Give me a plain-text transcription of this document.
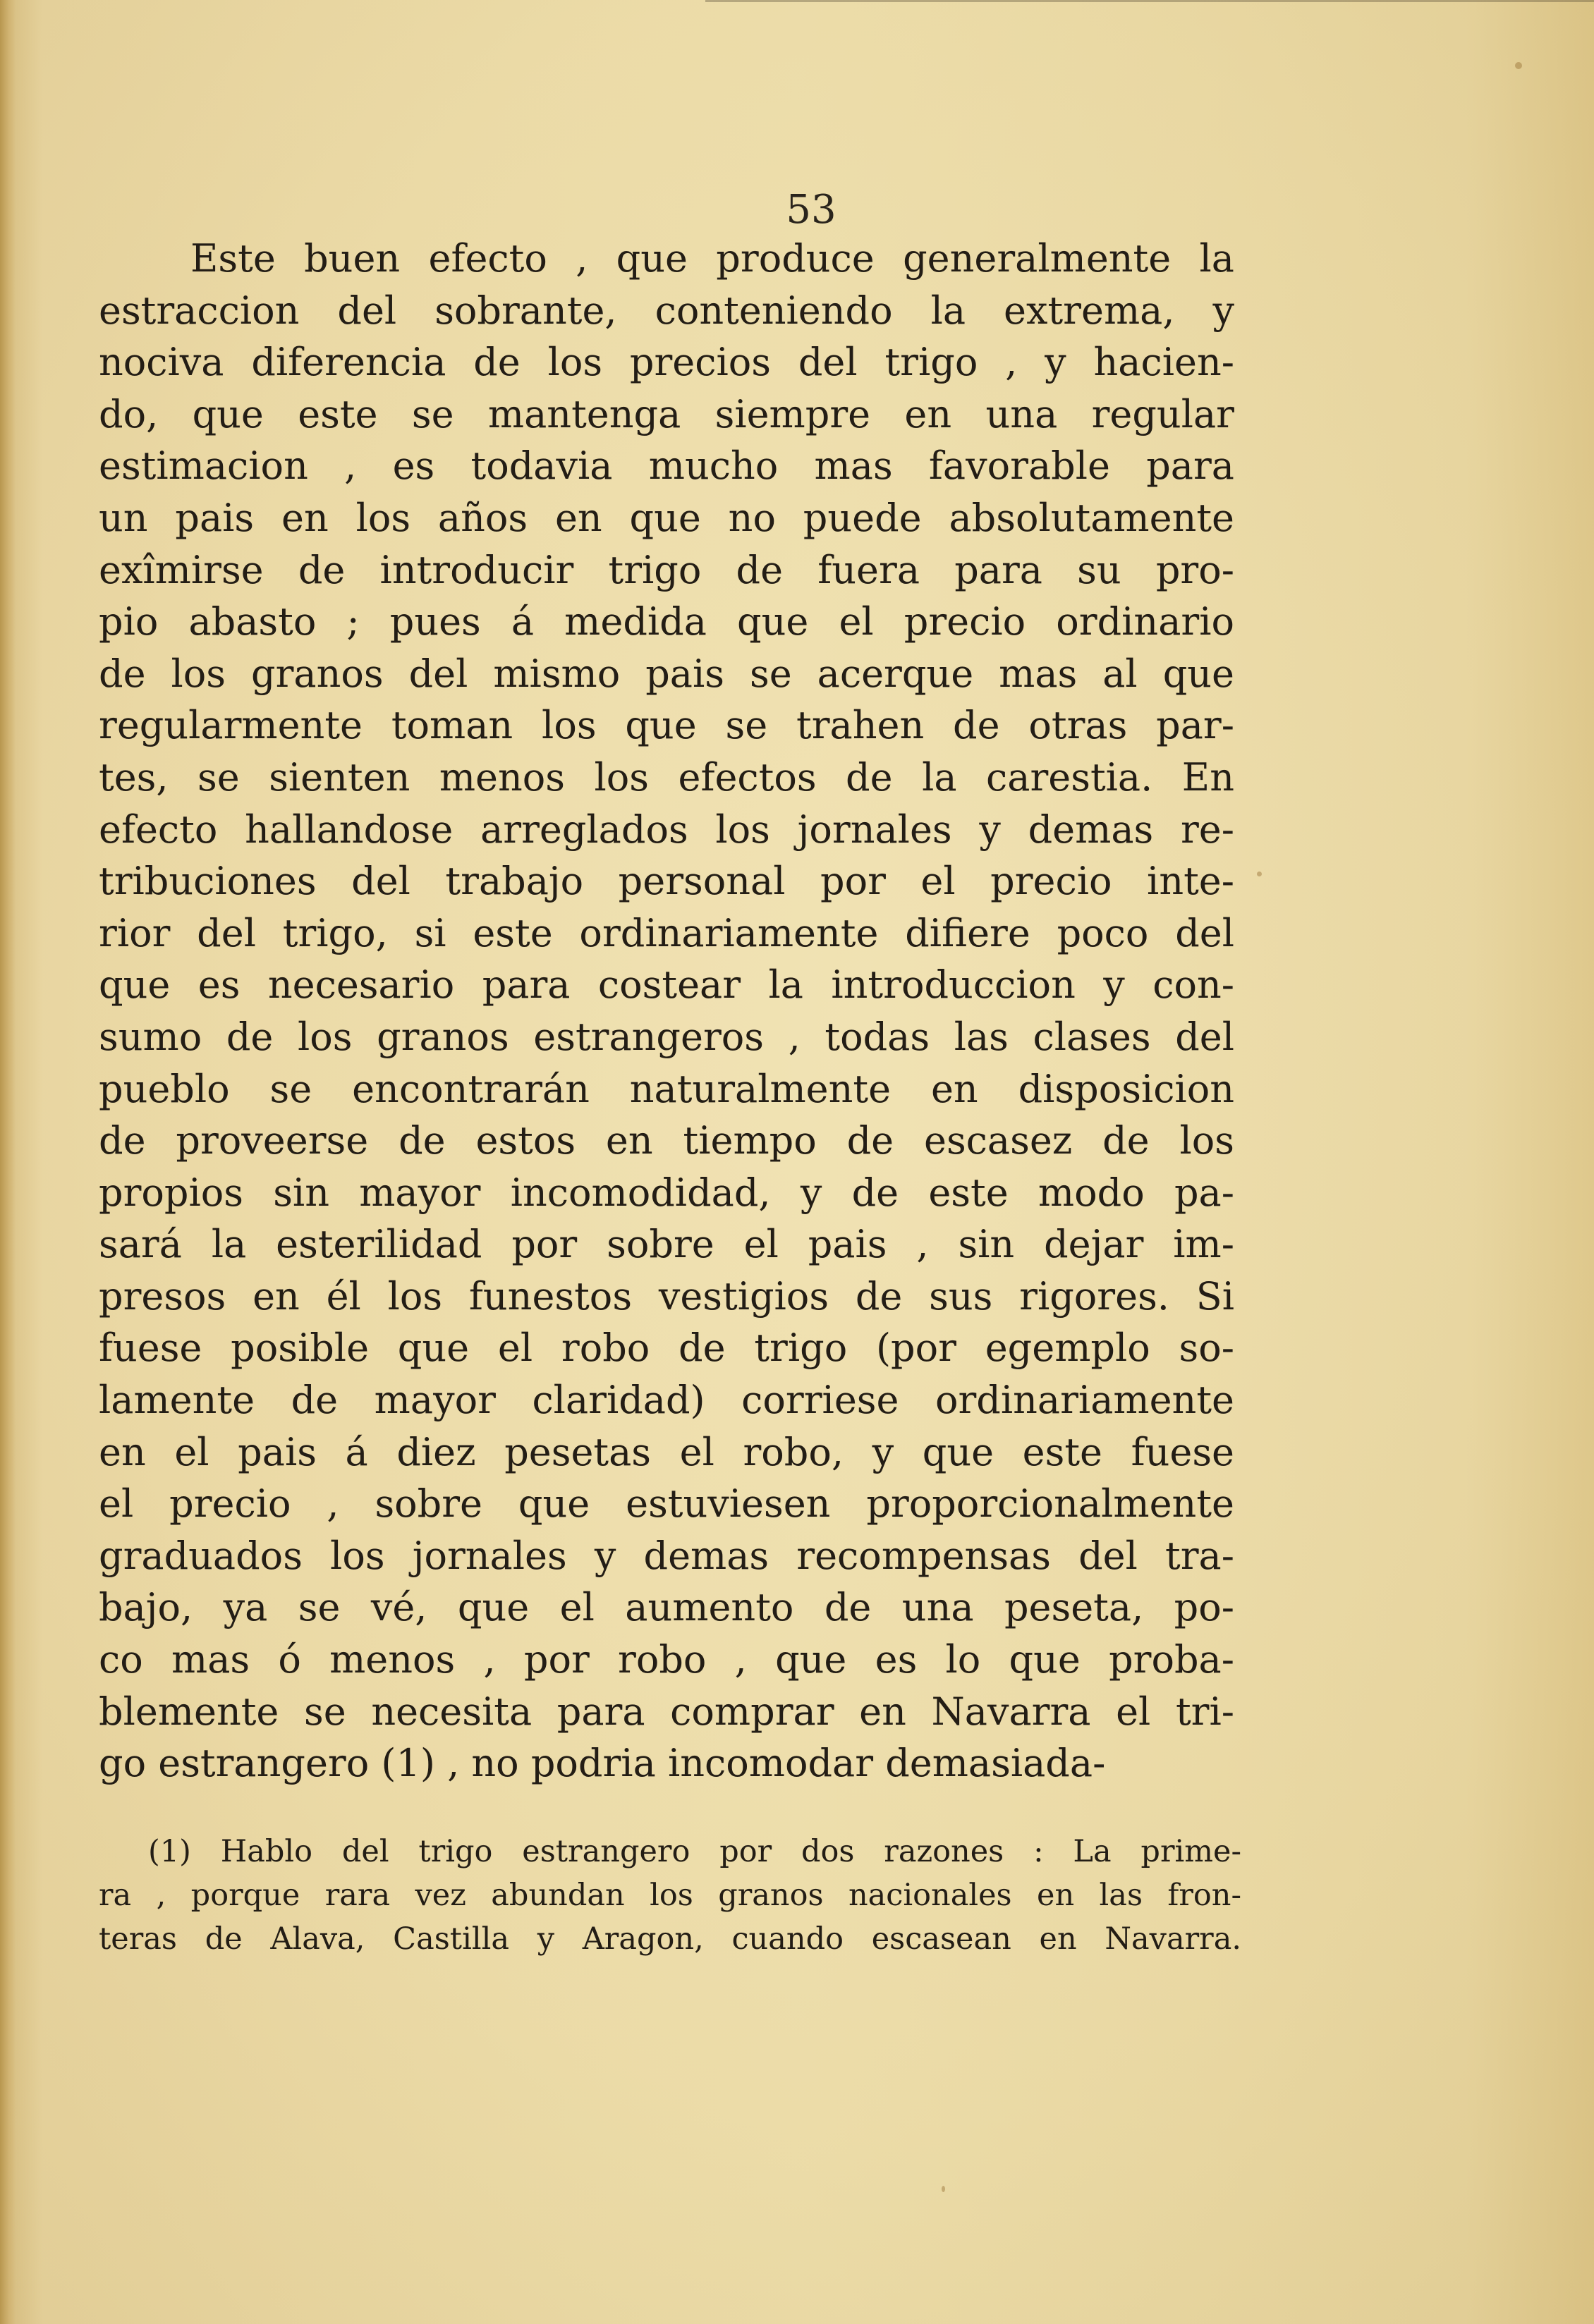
53
Este buen efecto , que produce generalmente la
estraccion del sobrante, conteniendo la extrema, y
nociva diferencia de los precios del trigo , y hacien-
do, que este se mantenga siempre en una regular
estimacion , es todavia mucho mas favorable para
un pais en los años en que no puede absolutamente
exîmirse de introducir trigo de fuera para su pro-
pio abasto ; pues á medida que el precio ordinario
de los granos del mismo pais se acerque mas al que
regularmente toman los que se trahen de otras par-
tes, se sienten menos los efectos de la carestia. En
efecto hallandose arreglados los jornales y demas re-
tribuciones del trabajo personal por el precio inte-
rior del trigo, si este ordinariamente difiere poco del
que es necesario para costear la introduccion y con-
sumo de los granos estrangeros , todas las clases del
pueblo se encontrarán naturalmente en disposicion
de proveerse de estos en tiempo de escasez de los
propios sin mayor incomodidad, y de este modo pa-
sará la esterilidad por sobre el pais , sin dejar im-
presos en él los funestos vestigios de sus rigores. Si
fuese posible que el robo de trigo (por egemplo so-
lamente de mayor claridad) corriese ordinariamente
en el pais á diez pesetas el robo, y que este fuese
el precio , sobre que estuviesen proporcionalmente
graduados los jornales y demas recompensas del tra-
bajo, ya se vé, que el aumento de una peseta, po-
co mas ó menos , por robo , que es lo que proba-
blemente se necesita para comprar en Navarra el tri-
go estrangero (1) , no podria incomodar demasiada-
(1) Hablo del trigo estrangero por dos razones : La prime-
ra , porque rara vez abundan los granos nacionales en las fron-
teras de Alava, Castilla y Aragon, cuando escasean en Navarra.
